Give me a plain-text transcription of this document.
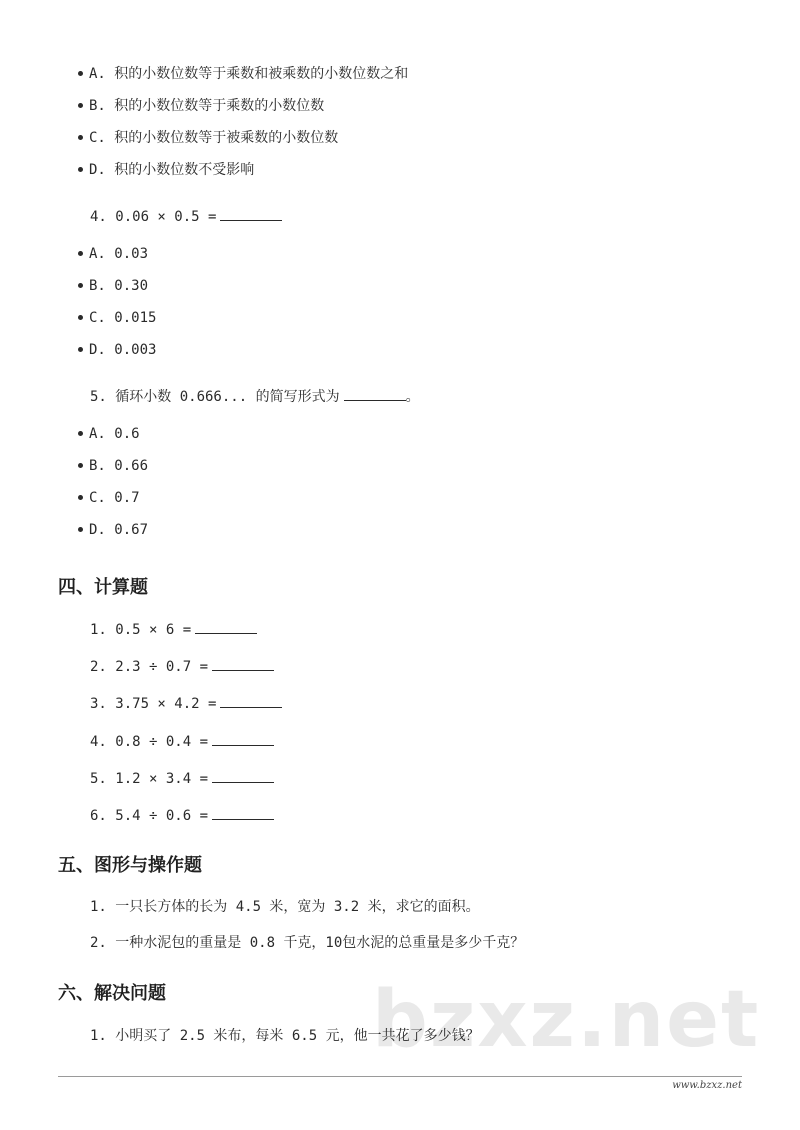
A. 积的小数位数等于乘数和被乘数的小数位数之和
B. 积的小数位数等于乘数的小数位数
C. 积的小数位数等于被乘数的小数位数
D. 积的小数位数不受影响
4. 0.06 × 0.5 =
A. 0.03
B. 0.30
C. 0.015
D. 0.003
5. 循环小数 0.666... 的简写形式为	。
A. 0.6
B. 0.66
C. 0.7
D. 0.67
四、计算题
1. 0.5 × 6 =
2. 2.3 ÷ 0.7 =
3. 3.75 × 4.2 =
4. 0.8 ÷ 0.4 =
5. 1.2 × 3.4 =
6. 5.4 ÷ 0.6 =
五、图形与操作题
1. 一只长方体的长为 4.5 米，宽为 3.2 米，求它的面积。
2. 一种水泥包的重量是 0.8 千克，10包水泥的总重量是多少千克？
六、解决问题	bzxz.net
1. 小明买了 2.5 米布，每米 6.5 元，他一共花了多少钱？
www.bzxz.net
